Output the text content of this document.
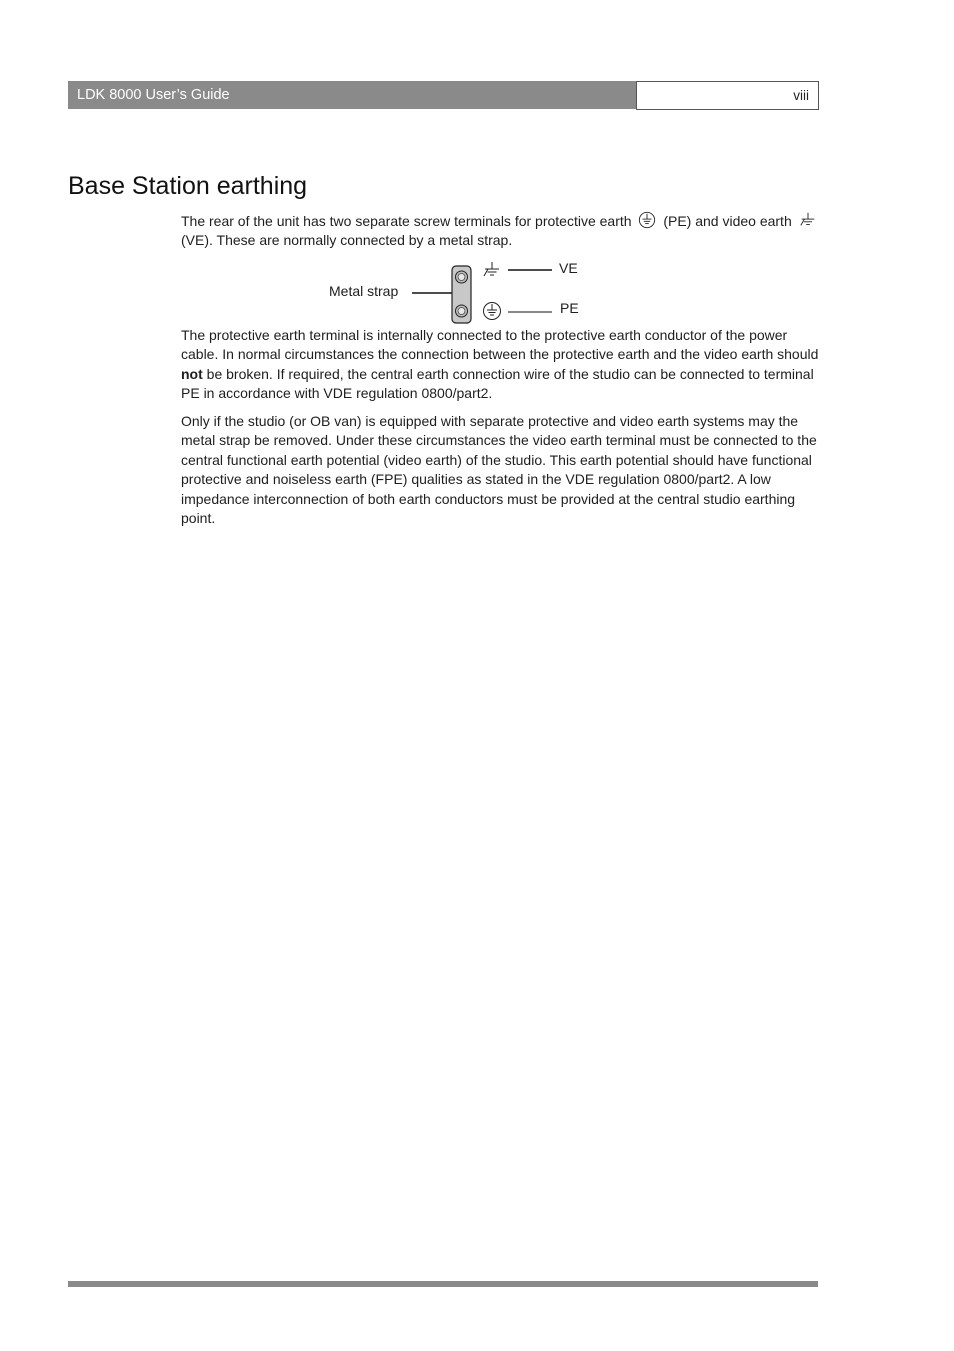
LDK 8000 User’s Guide	viii
Base Station earthing

The rear of the unit has two separate screw terminals for protective earth (PE) and video earth  (VE). These are normally connected by a metal strap.

Metal strap
VE
PE

The protective earth terminal is internally connected to the protective earth conductor of the power cable. In normal circumstances the connection between the protective earth and the video earth should not be broken. If required, the central earth connection wire of the studio can be connected to terminal PE in accordance with VDE regulation 0800/part2.

Only if the studio (or OB van) is equipped with separate protective and video earth systems may the metal strap be removed. Under these circumstances the video earth terminal must be connected to the central functional earth potential (video earth) of the studio. This earth potential should have functional protective and noiseless earth (FPE) qualities as stated in the VDE regulation 0800/part2. A low impedance interconnection of both earth conductors must be provided at the central studio earthing point.
